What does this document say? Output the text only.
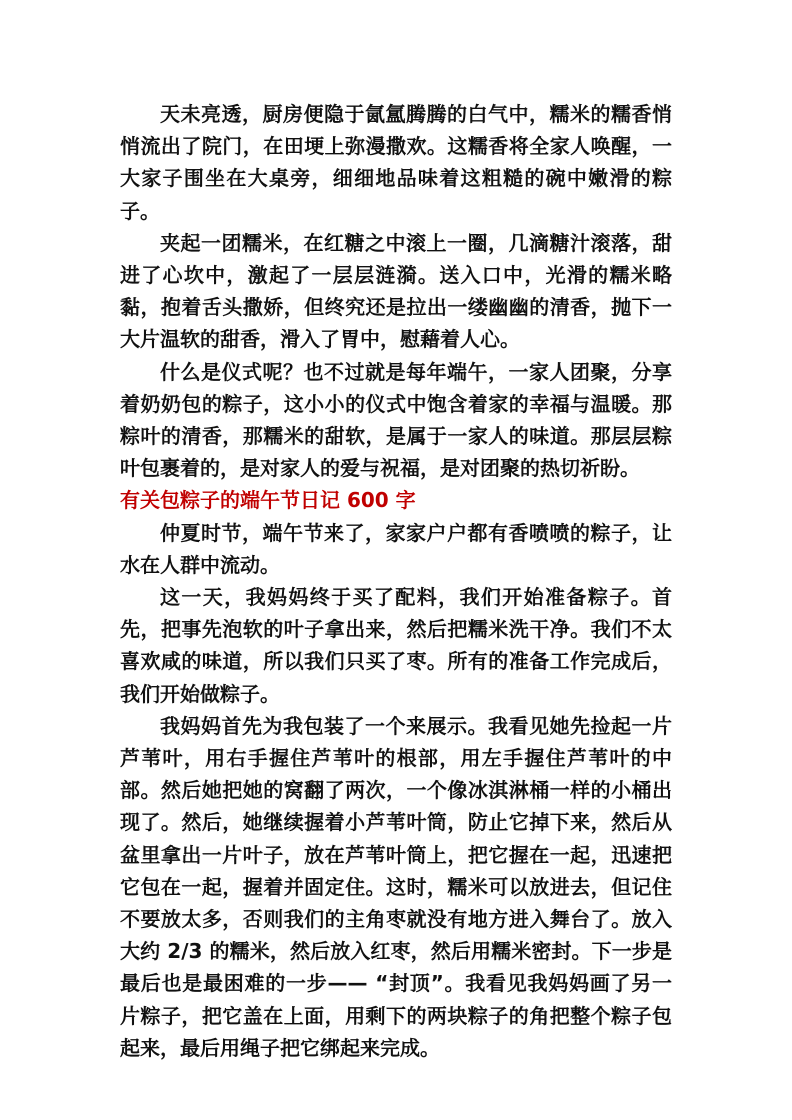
天未亮透，厨房便隐于氤氲腾腾的白气中，糯米的糯香悄悄流出了院门，在田埂上弥漫撒欢。这糯香将全家人唤醒，一大家子围坐在大桌旁，细细地品味着这粗糙的碗中嫩滑的粽子。

夹起一团糯米，在红糖之中滚上一圈，几滴糖汁滚落，甜进了心坎中，激起了一层层涟漪。送入口中，光滑的糯米略黏，抱着舌头撒娇，但终究还是拉出一缕幽幽的清香，抛下一大片温软的甜香，滑入了胃中，慰藉着人心。

什么是仪式呢？也不过就是每年端午，一家人团聚，分享着奶奶包的粽子，这小小的仪式中饱含着家的幸福与温暖。那粽叶的清香，那糯米的甜软，是属于一家人的味道。那层层粽叶包裹着的，是对家人的爱与祝福，是对团聚的热切祈盼。

有关包粽子的端午节日记 600 字

仲夏时节，端午节来了，家家户户都有香喷喷的粽子，让水在人群中流动。

这一天，我妈妈终于买了配料，我们开始准备粽子。首先，把事先泡软的叶子拿出来，然后把糯米洗干净。我们不太喜欢咸的味道，所以我们只买了枣。所有的准备工作完成后，我们开始做粽子。

我妈妈首先为我包装了一个来展示。我看见她先捡起一片芦苇叶，用右手握住芦苇叶的根部，用左手握住芦苇叶的中部。然后她把她的窝翻了两次，一个像冰淇淋桶一样的小桶出现了。然后，她继续握着小芦苇叶筒，防止它掉下来，然后从盆里拿出一片叶子，放在芦苇叶筒上，把它握在一起，迅速把它包在一起，握着并固定住。这时，糯米可以放进去，但记住不要放太多，否则我们的主角枣就没有地方进入舞台了。放入大约 2/3 的糯米，然后放入红枣，然后用糯米密封。下一步是最后也是最困难的一步—— “封顶”。我看见我妈妈画了另一片粽子，把它盖在上面，用剩下的两块粽子的角把整个粽子包起来，最后用绳子把它绑起来完成。
